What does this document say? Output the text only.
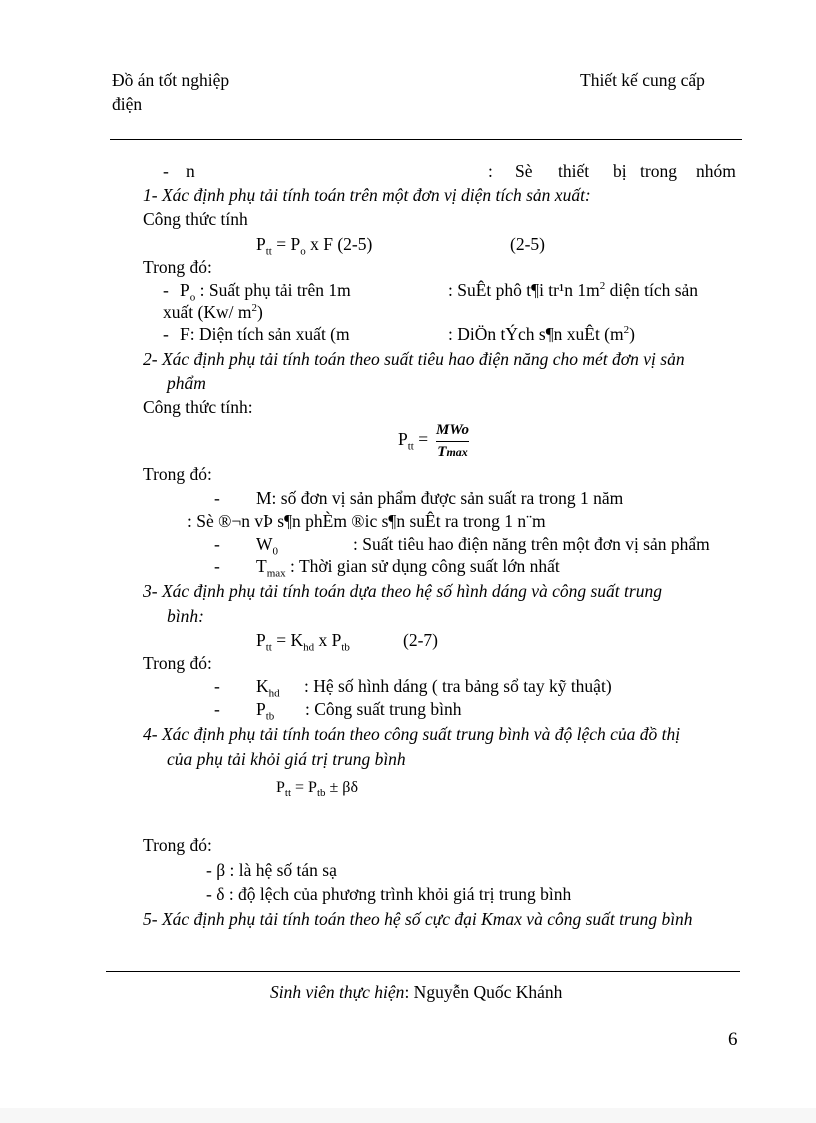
Đồ án tốt nghiệp
điện
Thiết kế cung cấp
- n	: Sè thiết bị trong nhóm
1- Xác định phụ tải tính toán trên một đơn vị diện tích sản xuất:
Công thức tính
$P_{tt} = P_o$ x F (2-5)	(2-5)
Trong đó:
- $P_o$ : Suất phụ tải trên 1m	: SuÊt phô t¶i tr¹n $1m^2$ diện tích sản
xuất (Kw/ $m^2$)
- F: Diện tích sản xuất (m	: DiÖn tÝch s¶n xuÊt $(m^2)$
2- Xác định phụ tải tính toán theo suất tiêu hao điện năng cho mét đơn vị sản
phẩm
Công thức tính:
$P_{tt}$ = MWo
Tmax
Trong đó:
- M: số đơn vị sản phẩm được sản suất ra trong 1 năm
: Sè ®¬n vÞ s¶n phÈm ®ic s¶n suÊt ra trong 1 n¨m
- $W_0$	: Suất tiêu hao điện năng trên một đơn vị sản phẩm
- $T_{max}$ : Thời gian sử dụng công suất lớn nhất
3- Xác định phụ tải tính toán dựa theo hệ số hình dáng và công suất trung
bình:
$P_{tt} = K_{hd}$ x $P_{tb}$	(2-7)
Trong đó:
- $K_{hd}$ : Hệ số hình dáng ( tra bảng sổ tay kỹ thuật)
- $P_{tb}$ : Công suất trung bình
4- Xác định phụ tải tính toán theo công suất trung bình và độ lệch của đồ thị
của phụ tải khỏi giá trị trung bình
$P_{tt} = P_{tb} \pm \beta\delta$
Trong đó:
- β : là hệ số tán sạ
- δ : độ lệch của phương trình khỏi giá trị trung bình
5- Xác định phụ tải tính toán theo hệ số cực đại Kmax và công suất trung bình
Sinh viên thực hiện: Nguyễn Quốc Khánh
6
